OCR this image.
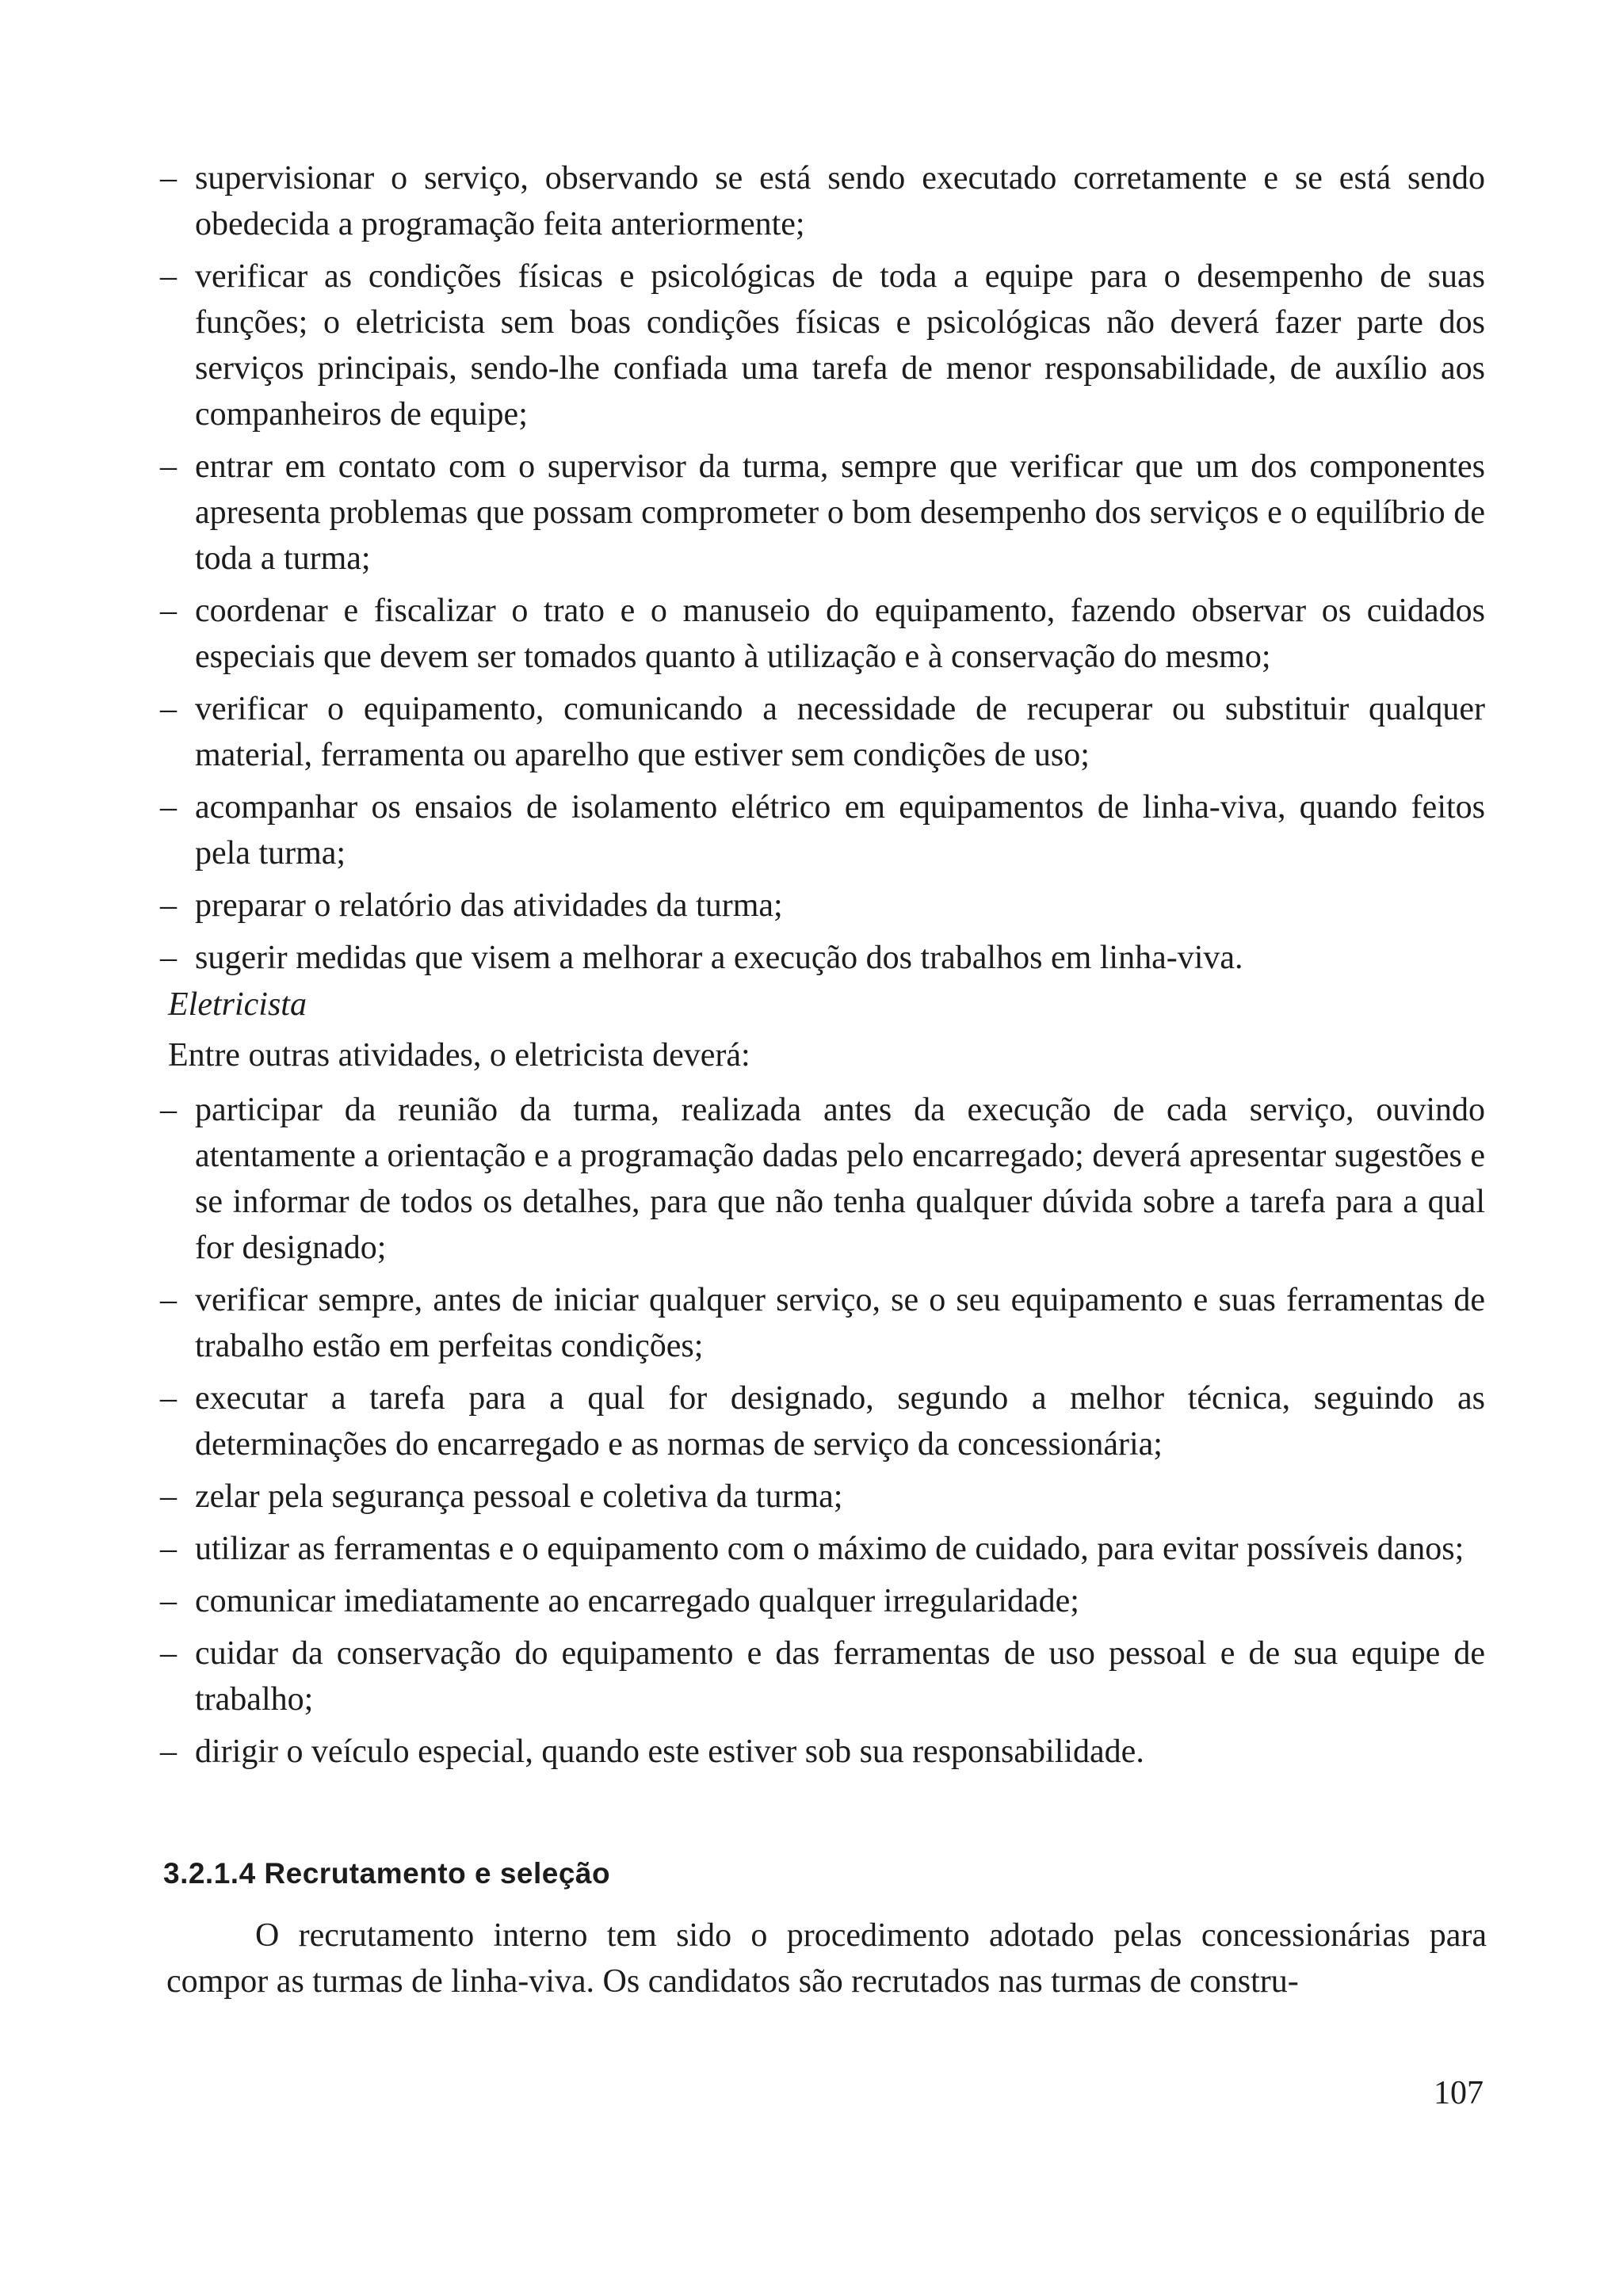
– supervisionar o serviço, observando se está sendo executado corretamente e se está sendo obedecida a programação feita anteriormente;
– verificar as condições físicas e psicológicas de toda a equipe para o desempenho de suas funções; o eletricista sem boas condições físicas e psicológicas não deverá fazer parte dos serviços principais, sendo-lhe confiada uma tarefa de menor responsabilidade, de auxílio aos companheiros de equipe;
– entrar em contato com o supervisor da turma, sempre que verificar que um dos componentes apresenta problemas que possam comprometer o bom desempenho dos serviços e o equilíbrio de toda a turma;
– coordenar e fiscalizar o trato e o manuseio do equipamento, fazendo observar os cuidados especiais que devem ser tomados quanto à utilização e à conservação do mesmo;
– verificar o equipamento, comunicando a necessidade de recuperar ou substituir qualquer material, ferramenta ou aparelho que estiver sem condições de uso;
– acompanhar os ensaios de isolamento elétrico em equipamentos de linha-viva, quando feitos pela turma;
– preparar o relatório das atividades da turma;
– sugerir medidas que visem a melhorar a execução dos trabalhos em linha-viva.
Eletricista
Entre outras atividades, o eletricista deverá:
– participar da reunião da turma, realizada antes da execução de cada serviço, ouvindo atentamente a orientação e a programação dadas pelo encarregado; deverá apresentar sugestões e se informar de todos os detalhes, para que não tenha qualquer dúvida sobre a tarefa para a qual for designado;
– verificar sempre, antes de iniciar qualquer serviço, se o seu equipamento e suas ferramentas de trabalho estão em perfeitas condições;
– executar a tarefa para a qual for designado, segundo a melhor técnica, seguindo as determinações do encarregado e as normas de serviço da concessionária;
– zelar pela segurança pessoal e coletiva da turma;
– utilizar as ferramentas e o equipamento com o máximo de cuidado, para evitar possíveis danos;
– comunicar imediatamente ao encarregado qualquer irregularidade;
– cuidar da conservação do equipamento e das ferramentas de uso pessoal e de sua equipe de trabalho;
– dirigir o veículo especial, quando este estiver sob sua responsabilidade.
3.2.1.4 Recrutamento e seleção
O recrutamento interno tem sido o procedimento adotado pelas concessionárias para compor as turmas de linha-viva. Os candidatos são recrutados nas turmas de constru-
107
